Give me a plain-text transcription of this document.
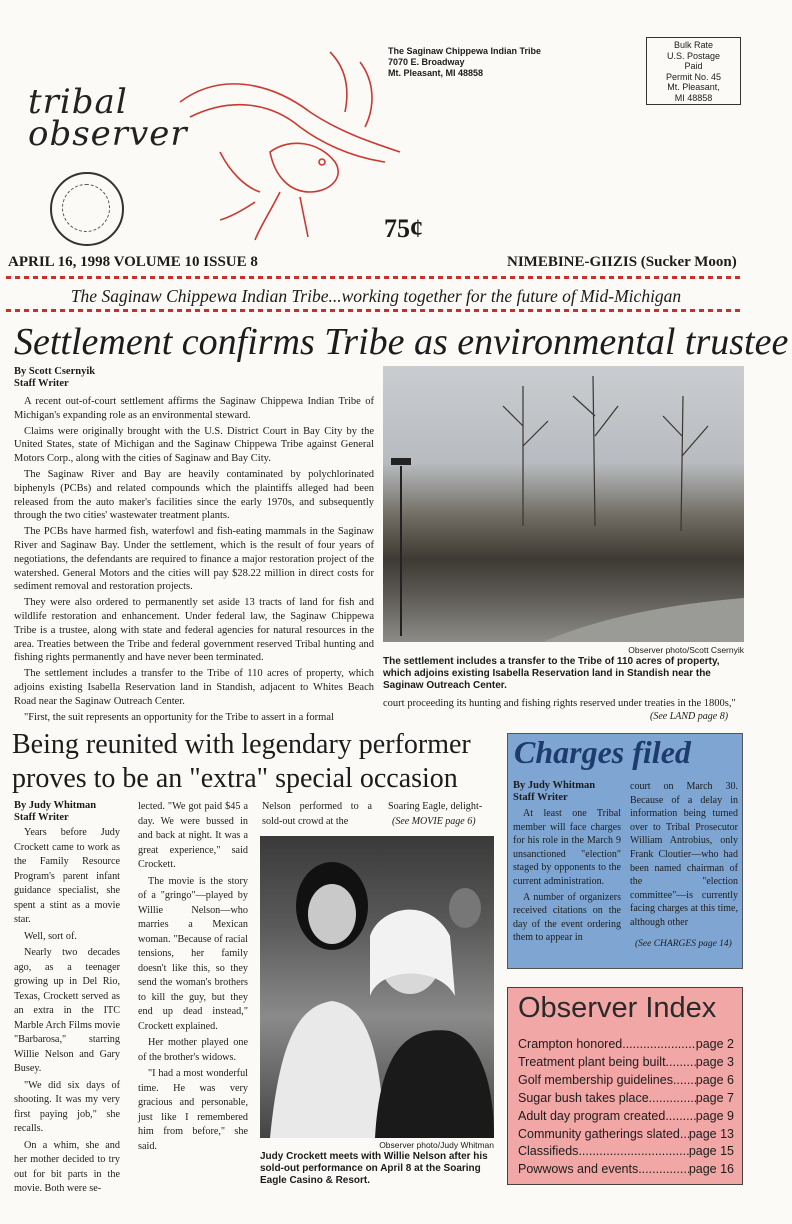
tribal
observer
The Saginaw Chippewa Indian Tribe
7070 E. Broadway
Mt. Pleasant, MI 48858
Bulk Rate
U.S. Postage
Paid
Permit No. 45
Mt. Pleasant,
MI 48858
75¢
APRIL 16, 1998 VOLUME 10 ISSUE 8	NIMEBINE-GIIZIS (Sucker Moon)
The Saginaw Chippewa Indian Tribe...working together for the future of Mid-Michigan
Settlement confirms Tribe as environmental trustee
By Scott Csernyik
Staff Writer

A recent out-of-court settlement affirms the Saginaw Chippewa Indian Tribe of Michigan's expanding role as an environmental steward.

Claims were originally brought with the U.S. District Court in Bay City by the United States, state of Michigan and the Saginaw Chippewa Tribe against General Motors Corp., along with the cities of Saginaw and Bay City.

The Saginaw River and Bay are heavily contaminated by polychlorinated biphenyls (PCBs) and related compounds which the plaintiffs alleged had been released from the auto maker's facilities since the early 1970s, and subsequently through the two cities' wastewater treatment plants.

The PCBs have harmed fish, waterfowl and fish-eating mammals in the Saginaw River and Saginaw Bay. Under the settlement, which is the result of four years of negotiations, the defendants are required to finance a major restoration project of the watershed. General Motors and the cities will pay $28.22 million in direct costs for sediment removal and restoration projects.

They were also ordered to permanently set aside 13 tracts of land for fish and wildlife restoration and enhancement. Under federal law, the Saginaw Chippewa Tribe is a trustee, along with state and federal agencies for natural resources in the area. Treaties between the Tribe and federal government reserved Tribal hunting and fishing rights permanently and have never been terminated.

The settlement includes a transfer to the Tribe of 110 acres of property, which adjoins existing Isabella Reservation land in Standish, adjacent to Whites Beach Road near the Saginaw Outreach Center.

"First, the suit represents an opportunity for the Tribe to assert in a formal

Observer photo/Scott Csernyik
The settlement includes a transfer to the Tribe of 110 acres of property, which adjoins existing Isabella Reservation land in Standish near the Saginaw Outreach Center.
court proceeding its hunting and fishing rights reserved under treaties in the 1800s,"
(See LAND page 8)
Being reunited with legendary performer
proves to be an "extra" special occasion
By Judy Whitman
Staff Writer

Years before Judy Crockett came to work as the Family Resource Program's parent infant guidance specialist, she spent a stint as a movie star.

Well, sort of.

Nearly two decades ago, as a teenager growing up in Del Rio, Texas, Crockett served as an extra in the ITC Marble Arch Films movie "Barbarosa," starring Willie Nelson and Gary Busey.

"We did six days of shooting. It was my very first paying job," she recalls.

On a whim, she and her mother decided to try out for bit parts in the movie. Both were se-

lected. "We got paid $45 a day. We were bussed in and back at night. It was a great experience," said Crockett.

The movie is the story of a "gringo"—played by Willie Nelson—who marries a Mexican woman. "Because of racial tensions, her family doesn't like this, so they send the woman's brothers to kill the guy, but they end up dead instead," Crockett explained.

Her mother played one of the brother's widows.

"I had a most wonderful time. He was very gracious and personable, just like I remembered him from before," she said.

Nelson performed to a sold-out crowd at the
Soaring Eagle, delight-
(See MOVIE page 6)
Observer photo/Judy Whitman
Judy Crockett meets with Willie Nelson after his sold-out performance on April 8 at the Soaring Eagle Casino & Resort.
Charges filed
By Judy Whitman
Staff Writer

At least one Tribal member will face charges for his role in the March 9 unsanctioned "election" staged by opponents to the current administration.

A number of organizers received citations on the day of the event ordering them to appear in

court on March 30. Because of a delay in information being turned over to Tribal Prosecutor William Antrobius, only Frank Cloutier—who had been named chairman of the "election committee"—is currently facing charges at this time, although other

(See CHARGES page 14)
Observer Index
Crampton honored .....	page 2
Treatment plant being built ..... page 3
Golf membership guidelines ..... page 6
Sugar bush takes place .....	page 7
Adult day program created ..... page 9
Community gatherings slated ..... page 13
Classifieds .....	page 15
Powwows and events .....	page 16
